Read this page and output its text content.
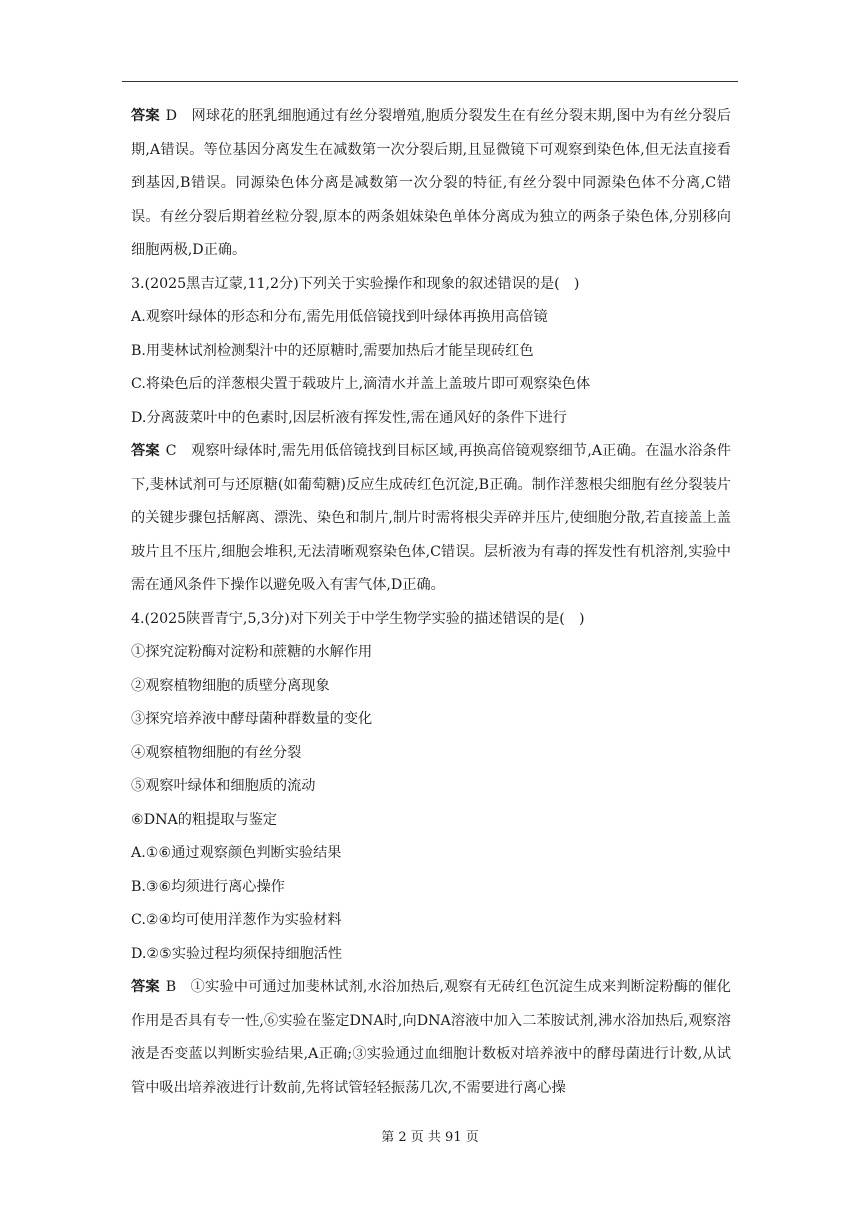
答案 D　网球花的胚乳细胞通过有丝分裂增殖,胞质分裂发生在有丝分裂末期,图中为有丝分裂后期,A错误。等位基因分离发生在减数第一次分裂后期,且显微镜下可观察到染色体,但无法直接看到基因,B错误。同源染色体分离是减数第一次分裂的特征,有丝分裂中同源染色体不分离,C错误。有丝分裂后期着丝粒分裂,原本的两条姐妹染色单体分离成为独立的两条子染色体,分别移向细胞两极,D正确。

3.(2025黑吉辽蒙,11,2分)下列关于实验操作和现象的叙述错误的是(　)

A.观察叶绿体的形态和分布,需先用低倍镜找到叶绿体再换用高倍镜

B.用斐林试剂检测梨汁中的还原糖时,需要加热后才能呈现砖红色

C.将染色后的洋葱根尖置于载玻片上,滴清水并盖上盖玻片即可观察染色体

D.分离菠菜叶中的色素时,因层析液有挥发性,需在通风好的条件下进行

答案 C　观察叶绿体时,需先用低倍镜找到目标区域,再换高倍镜观察细节,A正确。在温水浴条件下,斐林试剂可与还原糖(如葡萄糖)反应生成砖红色沉淀,B正确。制作洋葱根尖细胞有丝分裂装片的关键步骤包括解离、漂洗、染色和制片,制片时需将根尖弄碎并压片,使细胞分散,若直接盖上盖玻片且不压片,细胞会堆积,无法清晰观察染色体,C错误。层析液为有毒的挥发性有机溶剂,实验中需在通风条件下操作以避免吸入有害气体,D正确。

4.(2025陕晋青宁,5,3分)对下列关于中学生物学实验的描述错误的是(　)

①探究淀粉酶对淀粉和蔗糖的水解作用

②观察植物细胞的质壁分离现象

③探究培养液中酵母菌种群数量的变化

④观察植物细胞的有丝分裂

⑤观察叶绿体和细胞质的流动

⑥DNA的粗提取与鉴定

A.①⑥通过观察颜色判断实验结果

B.③⑥均须进行离心操作

C.②④均可使用洋葱作为实验材料

D.②⑤实验过程均须保持细胞活性

答案 B　①实验中可通过加斐林试剂,水浴加热后,观察有无砖红色沉淀生成来判断淀粉酶的催化作用是否具有专一性,⑥实验在鉴定DNA时,向DNA溶液中加入二苯胺试剂,沸水浴加热后,观察溶液是否变蓝以判断实验结果,A正确;③实验通过血细胞计数板对培养液中的酵母菌进行计数,从试管中吸出培养液进行计数前,先将试管轻轻振荡几次,不需要进行离心操

第 2 页 共 91 页
